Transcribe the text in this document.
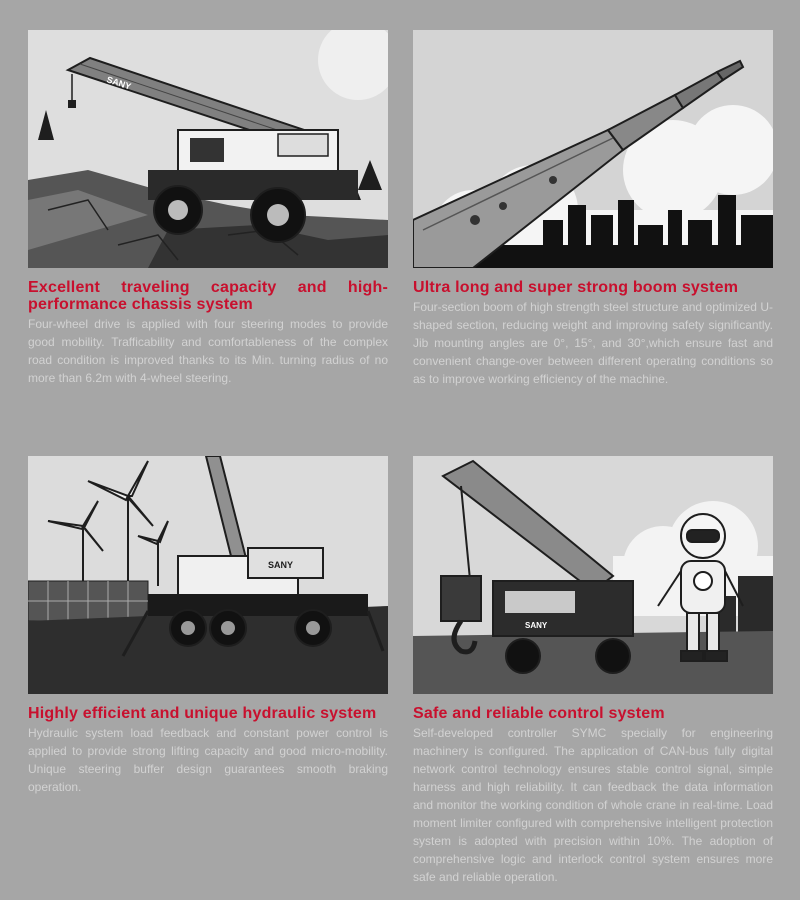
SANY
Excellent traveling capacity and high-performance chassis system
Four-wheel drive is applied with four steering modes to provide good mobility. Trafficability and comfortableness of the complex road condition is improved thanks to its Min. turning radius of no more than 6.2m with 4-wheel steering.
Ultra long and super strong boom system
Four-section boom of high strength steel structure and optimized U-shaped section, reducing weight and improving safety significantly. Jib mounting angles are 0°, 15°, and 30°,which ensure fast and convenient change-over between different operating conditions so as to improve working efficiency of the machine.
SANY
Highly efficient and unique hydraulic system
Hydraulic system load feedback and constant power control is applied to provide strong lifting capacity and good micro-mobility. Unique steering buffer design guarantees smooth braking operation.
SANY
Safe and reliable control system
Self-developed controller SYMC specially for engineering machinery is configured. The application of CAN-bus fully digital network control technology ensures stable control signal, simple harness and high reliability. It can feedback the data information and monitor the working condition of whole crane in real-time. Load moment limiter configured with comprehensive intelligent protection system is adopted with precision within 10%. The adoption of comprehensive logic and interlock control system ensures more safe and reliable operation.
